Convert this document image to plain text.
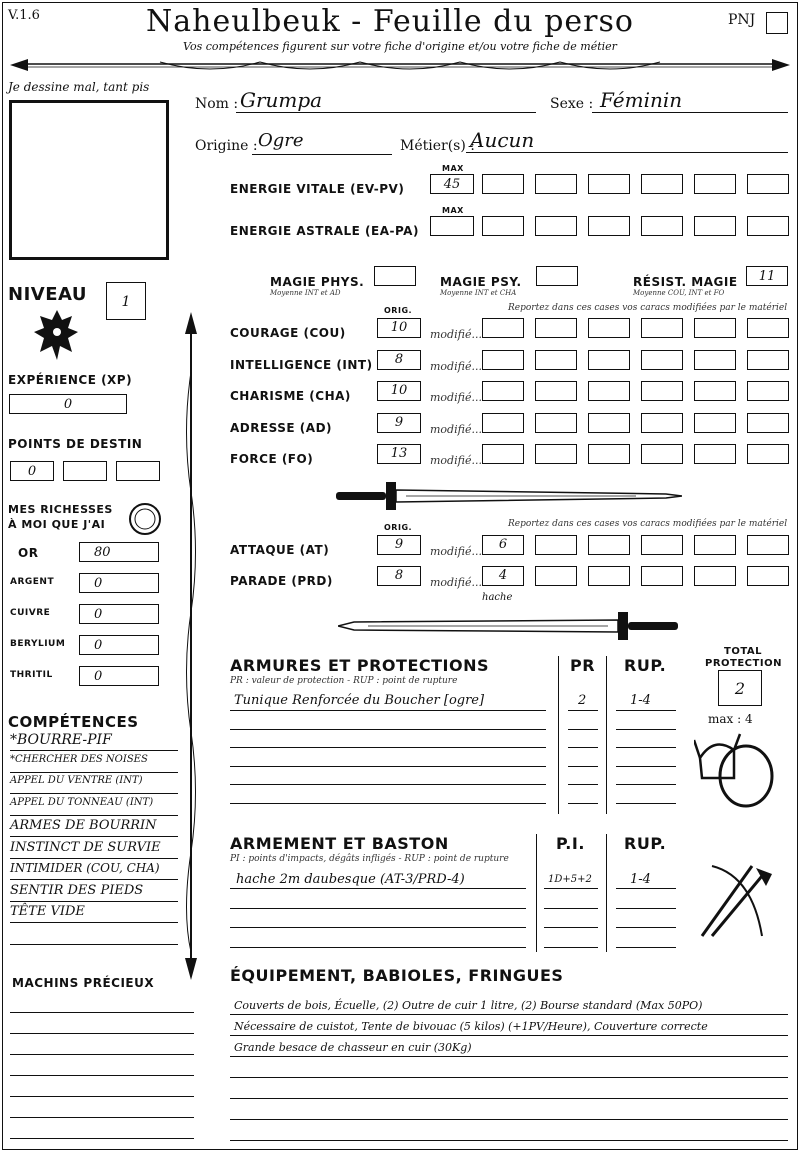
V.1.6	Naheulbeuk - Feuille du perso
Vos compétences figurent sur votre fiche d'origine et/ou votre fiche de métier
PNJ
Je dessine mal, tant pis
Nom : Grumpa	Sexe : Féminin
Origine : Ogre	Métier(s) :
Aucun
MAX
ENERGIE VITALE (EV-PV)	45
MAX
ENERGIE ASTRALE (EA-PA)
MAGIE PHYS.
Moyenne INT et AD
MAGIE PSY.
Moyenne INT et CHA
RÉSIST. MAGIE
Moyenne COU, INT et FO
11
NIVEAU	1
EXPÉRIENCE (XP)
0
POINTS DE DESTIN
0
MES RICHESSES
À MOI QUE J'AI
OR	80
ARGENT	0
CUIVRE	0
BERYLIUM	0
THRITIL	0
ORIG.	Reportez dans ces cases vos caracs modifiées par le matériel
COURAGE (COU)	10	modifié...
INTELLIGENCE (INT)	8	modifié...
CHARISME (CHA)	10	modifié...
ADRESSE (AD)	9	modifié...
FORCE (FO)	13	modifié...
ORIG.	Reportez dans ces cases vos caracs modifiées par le matériel
ATTAQUE (AT)	9	modifié...	6
PARADE (PRD)	8	modifié...	4
hache
ARMURES ET PROTECTIONS
PR : valeur de protection - RUP : point de rupture
PR RUP.
Tunique Renforcée du Boucher [ogre]	2	1-4
TOTAL
PROTECTION
2
max : 4
ARMEMENT ET BASTON
PI : points d'impacts, dégâts infligés - RUP : point de rupture
P.I. RUP.
hache 2m daubesque (AT-3/PRD-4)	1D+5+2	1-4
COMPÉTENCES
*BOURRE-PIF
*CHERCHER DES NOISES
APPEL DU VENTRE (INT)
APPEL DU TONNEAU (INT)
ARMES DE BOURRIN
INSTINCT DE SURVIE
INTIMIDER (COU, CHA)
SENTIR DES PIEDS
TÊTE VIDE
MACHINS PRÉCIEUX	ÉQUIPEMENT, BABIOLES, FRINGUES
Couverts de bois, Écuelle, (2) Outre de cuir 1 litre, (2) Bourse standard (Max 50PO)
Nécessaire de cuistot, Tente de bivouac (5 kilos) (+1PV/Heure), Couverture correcte
Grande besace de chasseur en cuir (30Kg)
